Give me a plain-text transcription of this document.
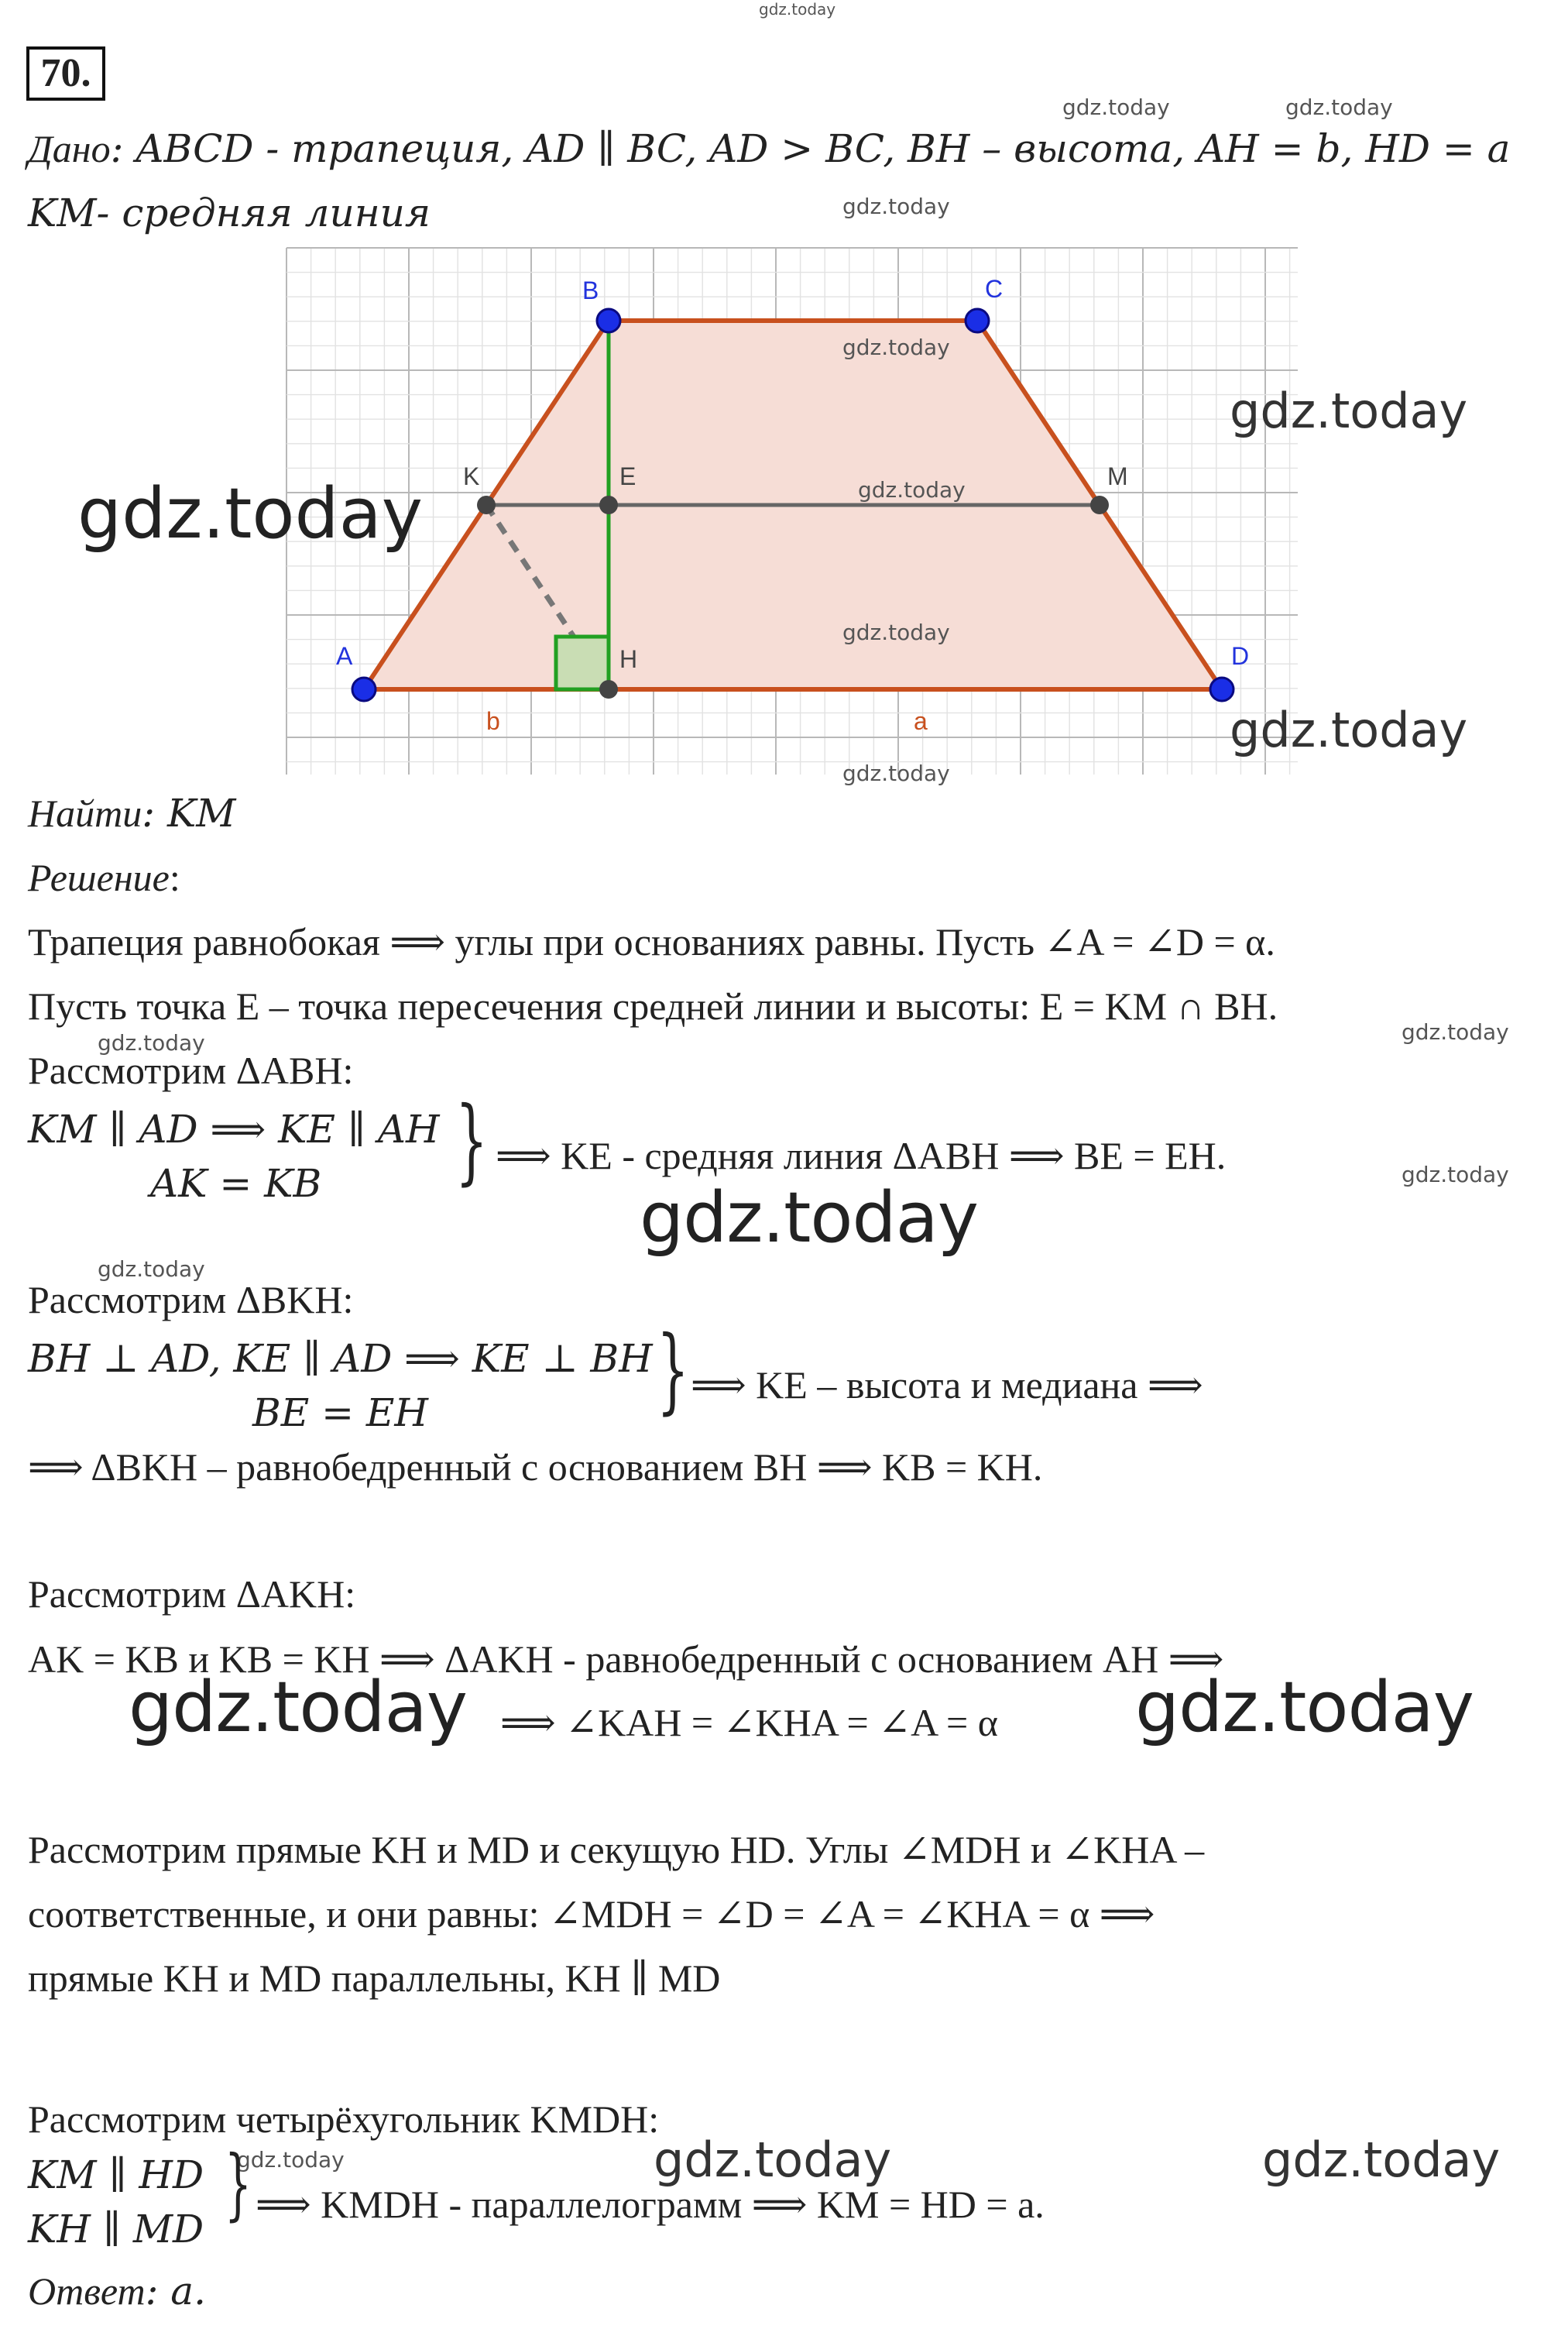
gdz.today
70.
gdz.today	gdz.today
Дано: ABCD - трапеция, AD ∥ BC, AD > BC, BH – высота, AH = b, HD = a
KM- средняя линия	gdz.today
B	C
A	D
K	E	M
H
b	a
gdz.today
gdz.today
gdz.today
gdz.today
gdz.today
gdz.today
gdz.today
Найти: KM
Решение:
Трапеция равнобокая ⟹ углы при основаниях равны. Пусть ∠A = ∠D = α.
Пусть точка E – точка пересечения средней линии и высоты: E = KM ∩ BH.
gdz.today	gdz.today
Рассмотрим ΔABH:
KM ∥ AD ⟹ KE ∥ AH
AK = KB } ⟹ KE - средняя линия ΔABH ⟹ BE = EH.	gdz.today
gdz.today
gdz.today
Рассмотрим ΔBKH:
BH ⊥ AD, KE ∥ AD ⟹ KE ⊥ BH
BE = EH } ⟹ KE – высота и медиана ⟹
⟹ ΔBKH – равнобедренный с основанием BH ⟹ KB = KH.
Рассмотрим ΔAKH:
AK = KB и KB = KH ⟹ ΔAKH - равнобедренный с основанием AH ⟹
⟹ ∠KAH = ∠KHA = ∠A = α
gdz.today	gdz.today
Рассмотрим прямые KH и MD и секущую HD. Углы ∠MDH и ∠KHA –
соответственные, и они равны: ∠MDH = ∠D = ∠A = ∠KHA = α ⟹
прямые KH и MD параллельны, KH ∥ MD
Рассмотрим четырёхугольник KMDH:
gdz.today	gdz.today	gdz.today
KM ∥ HD
KH ∥ MD } ⟹ KMDH - параллелограмм ⟹ KM = HD = a.
Ответ: a.
